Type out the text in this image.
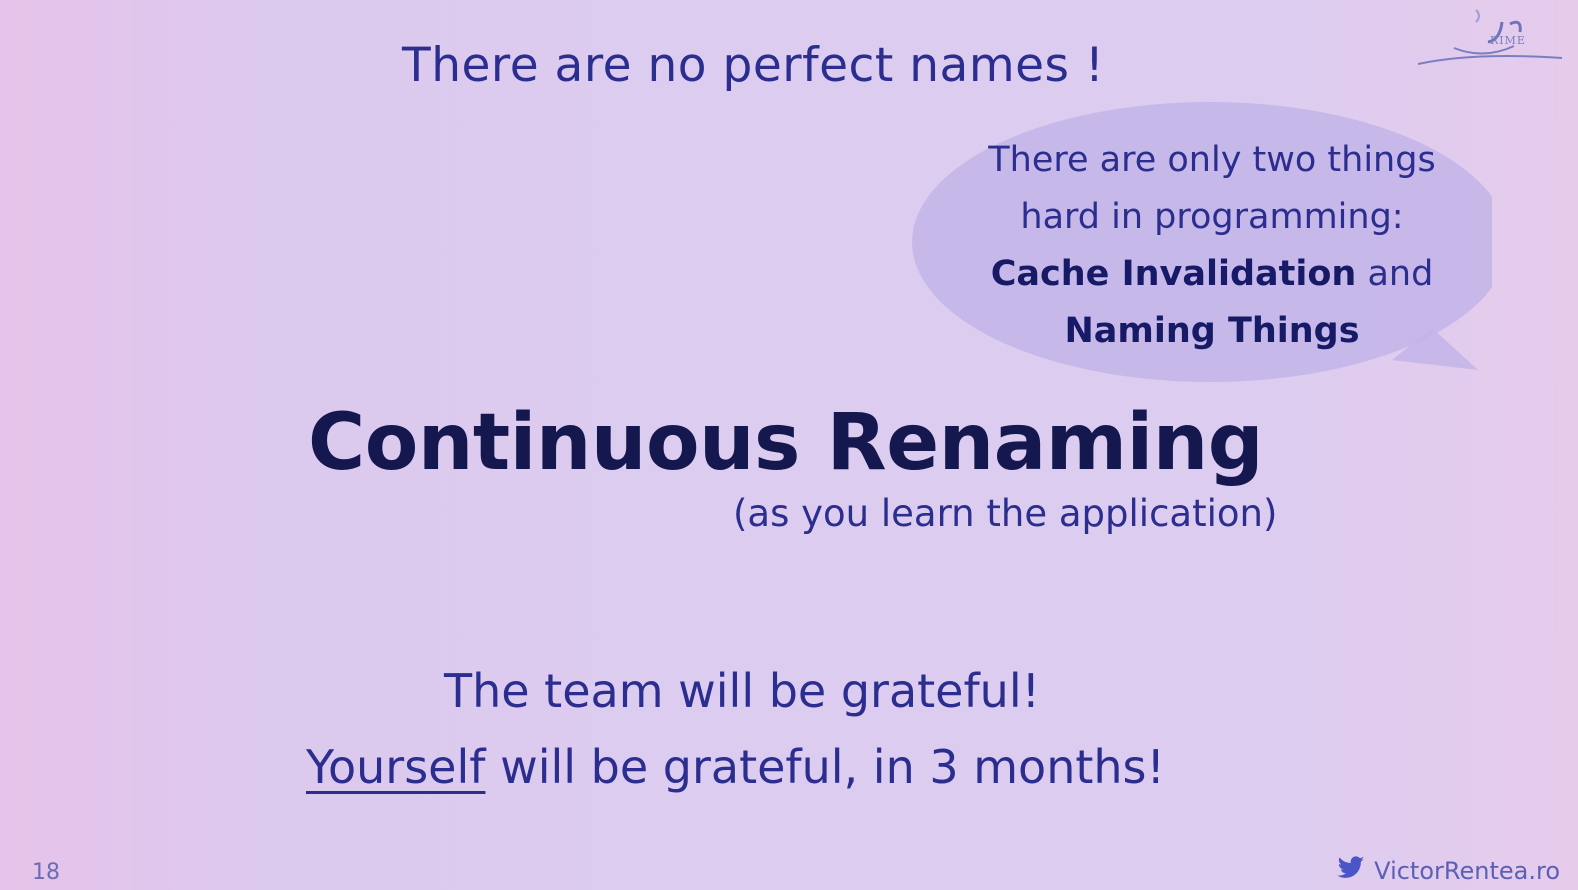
RIME
There are no perfect names !
There are only two things
hard in programming:
Cache Invalidation and
Naming Things
Continuous Renaming
(as you learn the application)
The team will be grateful!
Yourself will be grateful, in 3 months!
18	VictorRentea.ro
